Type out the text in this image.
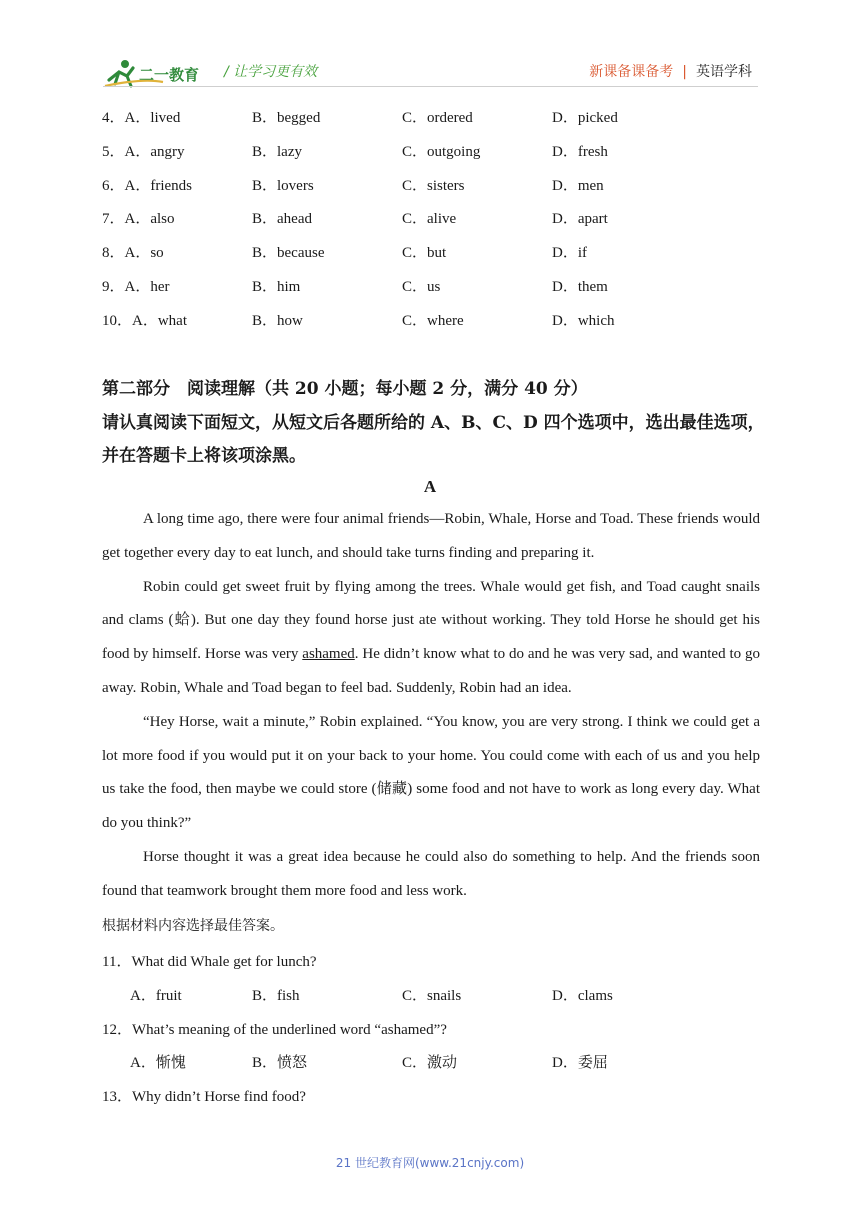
二一教育 / 让学习更有效	新课备课备考 | 英语学科
4．A．lived	B．begged	C．ordered	D．picked
5．A．angry	B．lazy	C．outgoing	D．fresh
6．A．friends	B．lovers	C．sisters	D．men
7．A．also	B．ahead	C．alive	D．apart
8．A．so	B．because	C．but	D．if
9．A．her	B．him	C．us	D．them
10．A．what	B．how	C．where	D．which
第二部分　阅读理解（共 20 小题；每小题 2 分，满分 40 分）
请认真阅读下面短文，从短文后各题所给的 A、B、C、D 四个选项中，选出最佳选项，
并在答题卡上将该项涂黑。
A

A long time ago, there were four animal friends—Robin, Whale, Horse and Toad. These friends would get together every day to eat lunch, and should take turns finding and preparing it.

Robin could get sweet fruit by flying among the trees. Whale would get fish, and Toad caught snails and clams (蛤). But one day they found horse just ate without working. They told Horse he should get his food by himself. Horse was very ashamed. He didn’t know what to do and he was very sad, and wanted to go away. Robin, Whale and Toad began to feel bad. Suddenly, Robin had an idea.

“Hey Horse, wait a minute,” Robin explained. “You know, you are very strong. I think we could get a lot more food if you would put it on your back to your home. You could come with each of us and you help us take the food, then maybe we could store (储藏) some food and not have to work as long every day. What do you think?”

Horse thought it was a great idea because he could also do something to help. And the friends soon found that teamwork brought them more food and less work.

根据材料内容选择最佳答案。
11．What did Whale get for lunch?
A．fruit	B．fish	C．snails	D．clams
12．What’s meaning of the underlined word “ashamed”?
A．惭愧	B．愤怒	C．激动	D．委屈
13．Why didn’t Horse find food?
21 世纪教育网(www.21cnjy.com)
